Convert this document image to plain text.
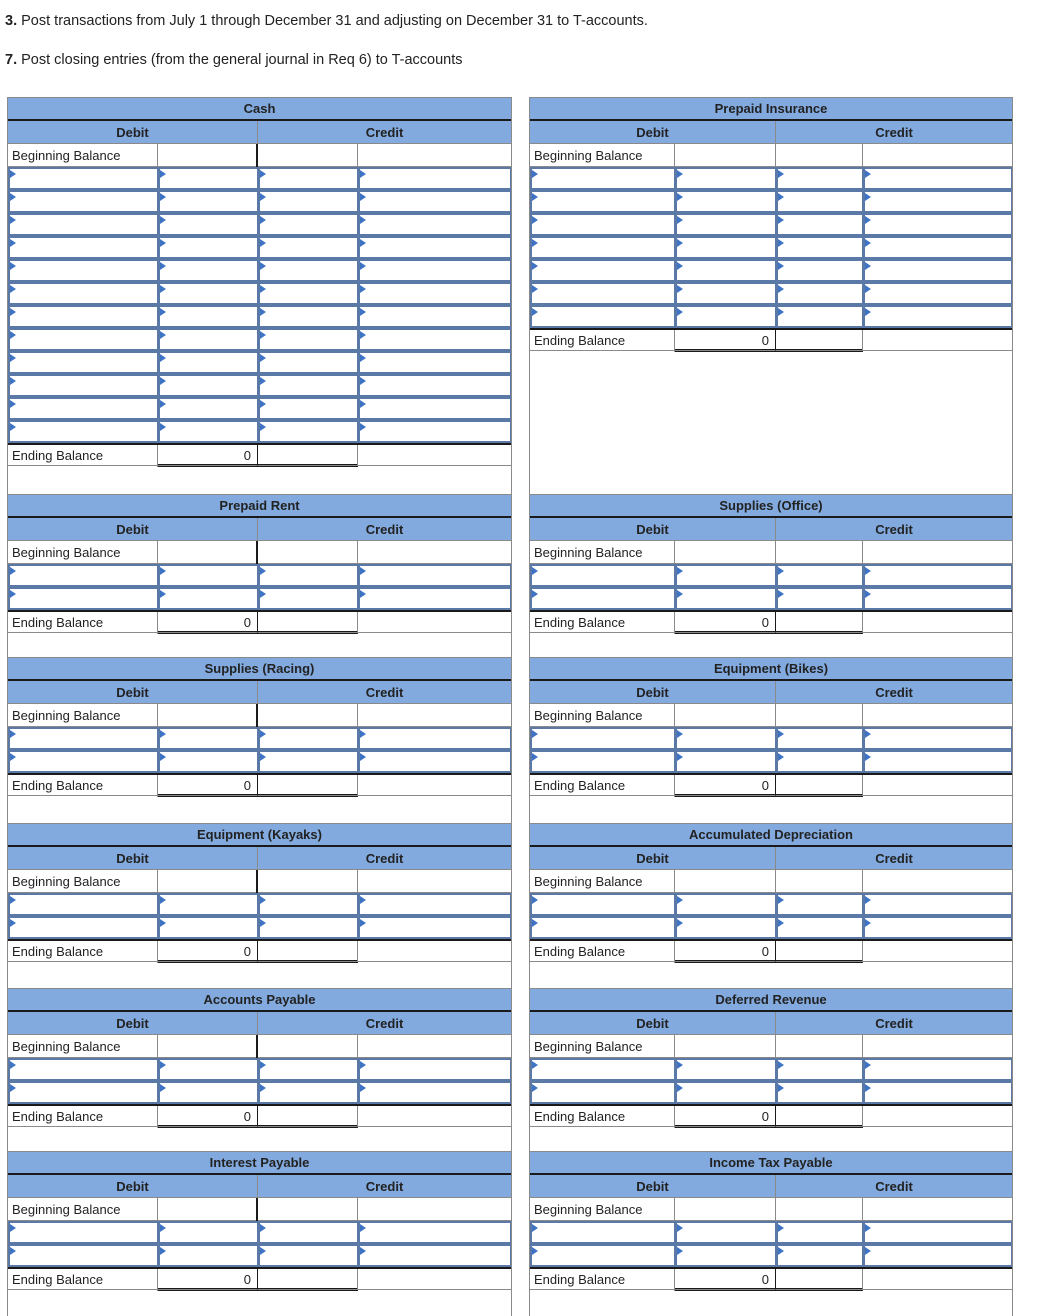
3. Post transactions from July 1 through December 31 and adjusting on December 31 to T-accounts.
7. Post closing entries (from the general journal in Req 6) to T-accounts
Cash
Debit	Credit
Beginning Balance
Ending Balance	0
Prepaid Insurance
Debit	Credit
Beginning Balance
Ending Balance	0
Prepaid Rent
Debit	Credit
Beginning Balance
Ending Balance	0
Supplies (Office)
Debit	Credit
Beginning Balance
Ending Balance	0
Supplies (Racing)
Debit	Credit
Beginning Balance
Ending Balance	0
Equipment (Bikes)
Debit	Credit
Beginning Balance
Ending Balance	0
Equipment (Kayaks)
Debit	Credit
Beginning Balance
Ending Balance	0
Accumulated Depreciation
Debit	Credit
Beginning Balance
Ending Balance	0
Accounts Payable
Debit	Credit
Beginning Balance
Ending Balance	0
Deferred Revenue
Debit	Credit
Beginning Balance
Ending Balance	0
Interest Payable
Debit	Credit
Beginning Balance
Ending Balance	0
Income Tax Payable
Debit	Credit
Beginning Balance
Ending Balance	0
